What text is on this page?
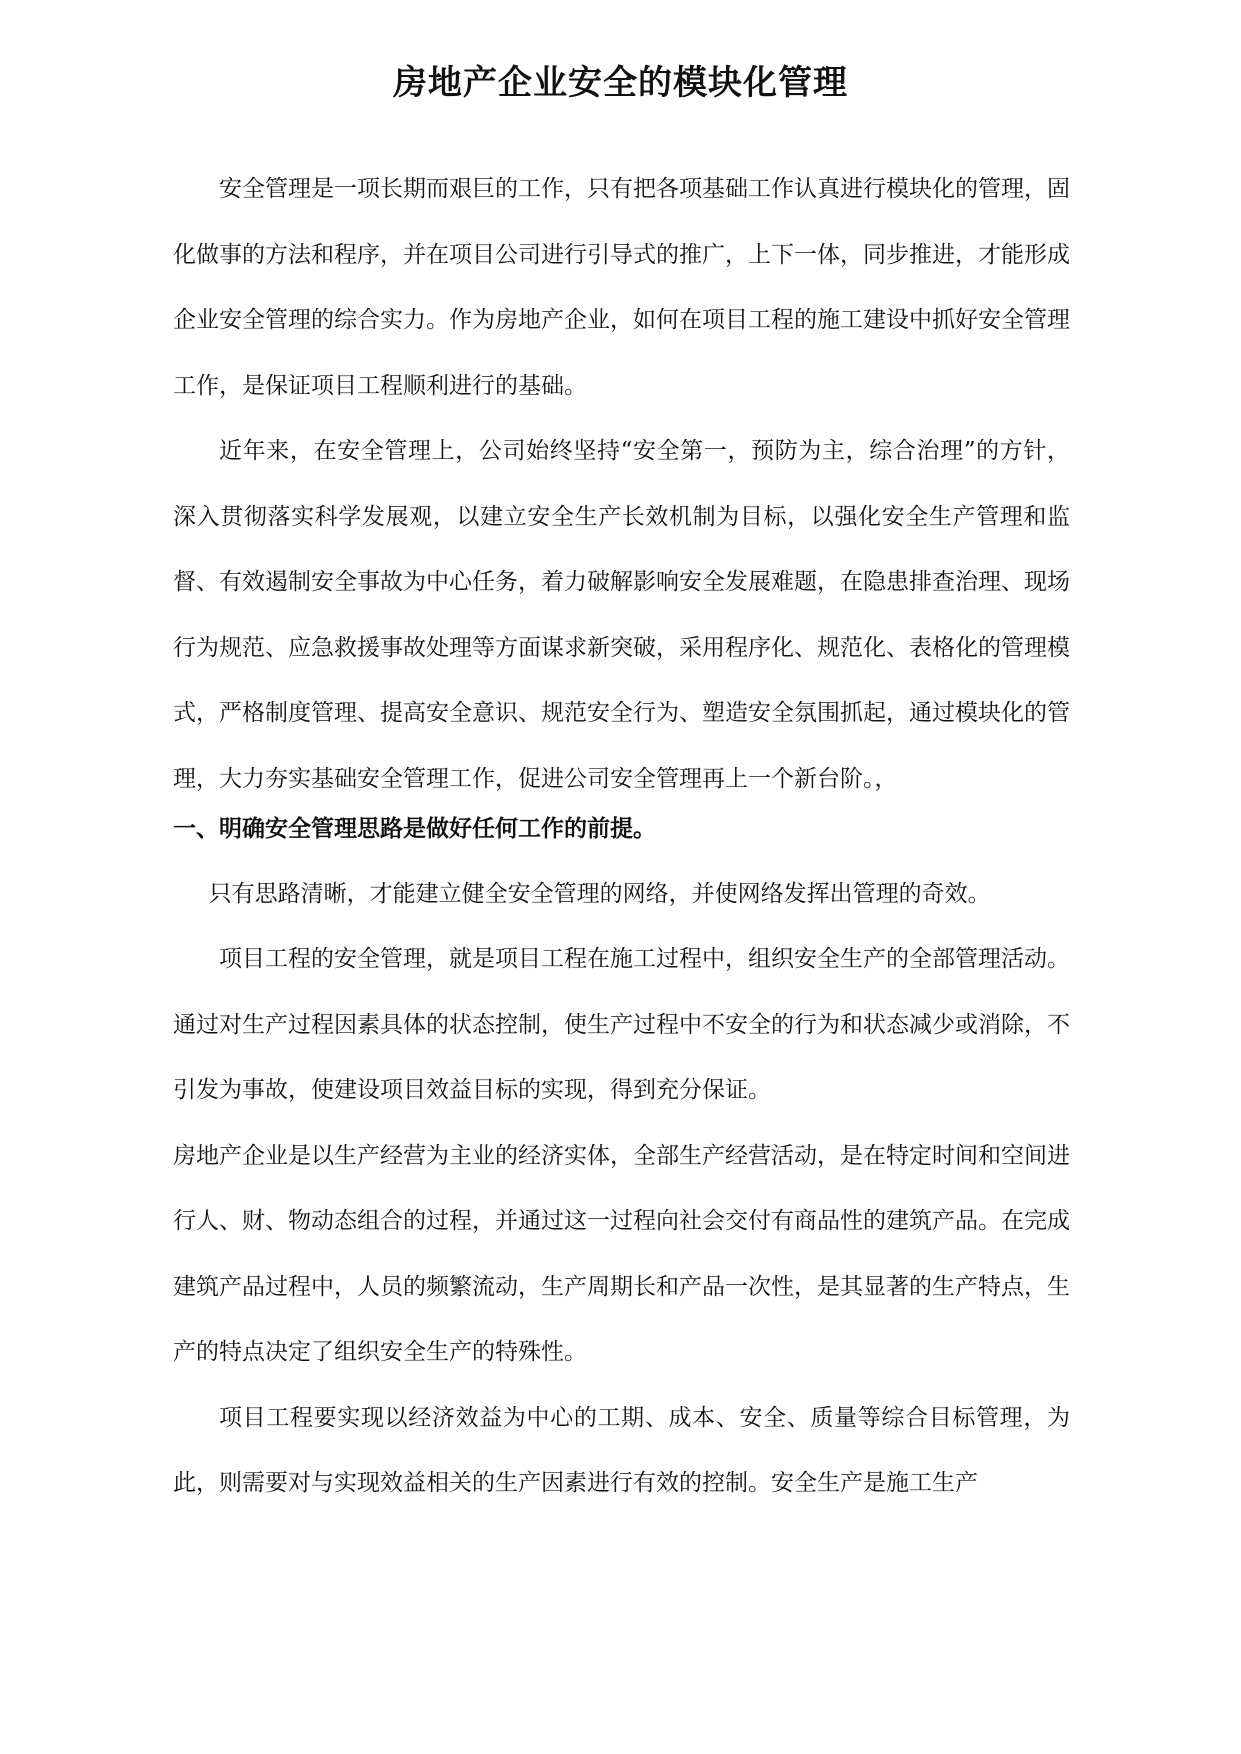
房地产企业安全的模块化管理

安全管理是一项长期而艰巨的工作，只有把各项基础工作认真进行模块化的管理，固化做事的方法和程序，并在项目公司进行引导式的推广，上下一体，同步推进，才能形成企业安全管理的综合实力。作为房地产企业，如何在项目工程的施工建设中抓好安全管理工作，是保证项目工程顺利进行的基础。

近年来，在安全管理上，公司始终坚持“安全第一，预防为主，综合治理”的方针，深入贯彻落实科学发展观，以建立安全生产长效机制为目标，以强化安全生产管理和监督、有效遏制安全事故为中心任务，着力破解影响安全发展难题，在隐患排查治理、现场行为规范、应急救援事故处理等方面谋求新突破，采用程序化、规范化、表格化的管理模式，严格制度管理、提高安全意识、规范安全行为、塑造安全氛围抓起，通过模块化的管理，大力夯实基础安全管理工作，促进公司安全管理再上一个新台阶。，

一、明确安全管理思路是做好任何工作的前提。

只有思路清晰，才能建立健全安全管理的网络，并使网络发挥出管理的奇效。

项目工程的安全管理，就是项目工程在施工过程中，组织安全生产的全部管理活动。通过对生产过程因素具体的状态控制，使生产过程中不安全的行为和状态减少或消除，不引发为事故，使建设项目效益目标的实现，得到充分保证。

房地产企业是以生产经营为主业的经济实体，全部生产经营活动，是在特定时间和空间进行人、财、物动态组合的过程，并通过这一过程向社会交付有商品性的建筑产品。在完成建筑产品过程中，人员的频繁流动，生产周期长和产品一次性，是其显著的生产特点，生产的特点决定了组织安全生产的特殊性。

项目工程要实现以经济效益为中心的工期、成本、安全、质量等综合目标管理，为此，则需要对与实现效益相关的生产因素进行有效的控制。安全生产是施工生产
